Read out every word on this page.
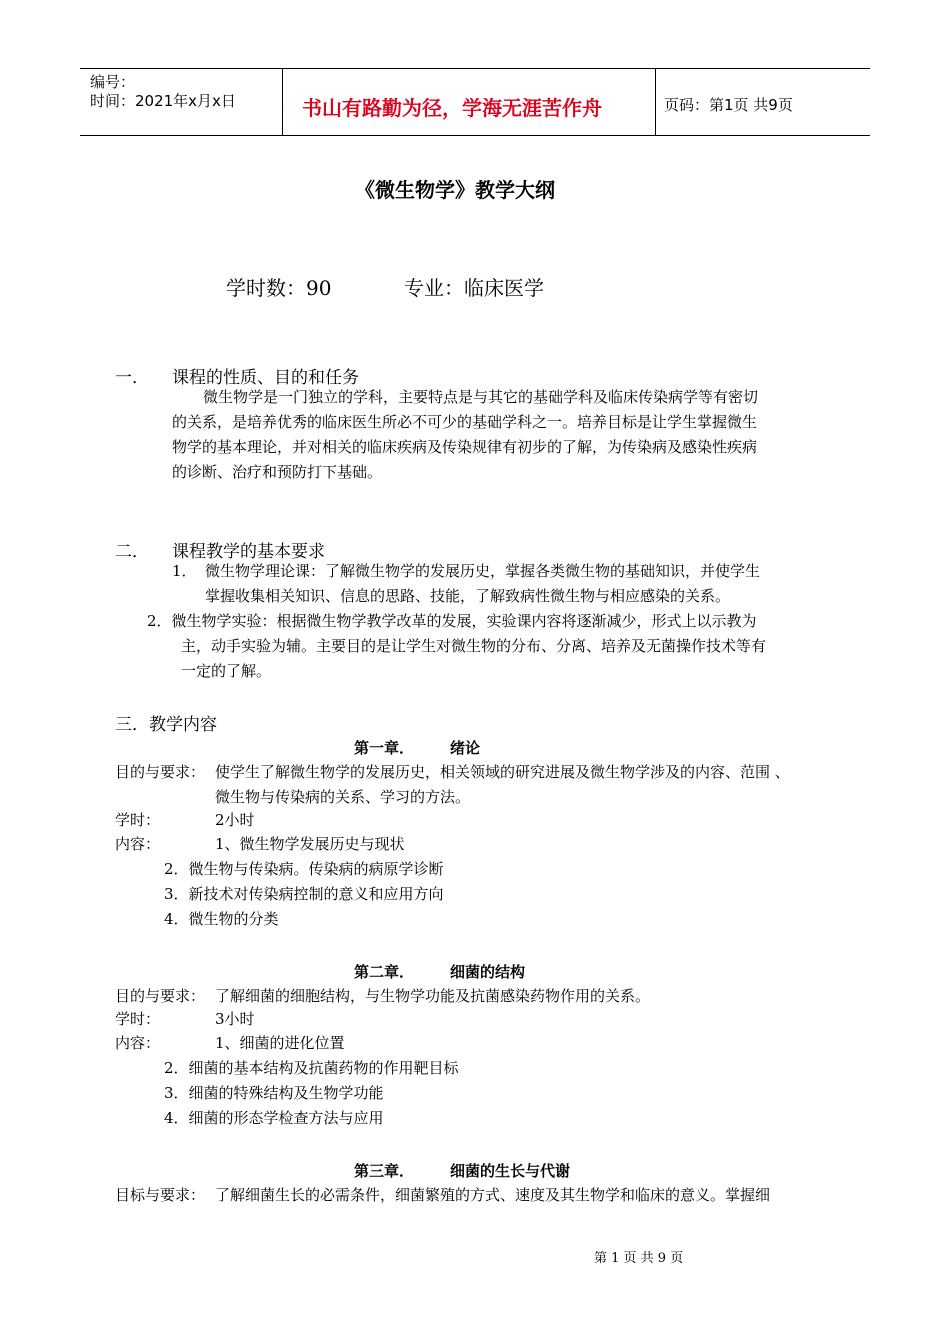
编号：
时间：2021年x月x日	书山有路勤为径，学海无涯苦作舟	页码：第1页 共9页
《微生物学》教学大纲
学时数：90	专业：临床医学
一． 课程的性质、目的和任务
微生物学是一门独立的学科，主要特点是与其它的基础学科及临床传染病学等有密切
的关系，是培养优秀的临床医生所必不可少的基础学科之一。培养目标是让学生掌握微生
物学的基本理论，并对相关的临床疾病及传染规律有初步的了解，为传染病及感染性疾病
的诊断、治疗和预防打下基础。
二． 课程教学的基本要求
1． 微生物学理论课：了解微生物学的发展历史，掌握各类微生物的基础知识，并使学生
掌握收集相关知识、信息的思路、技能，了解致病性微生物与相应感染的关系。
2．微生物学实验：根据微生物学教学改革的发展，实验课内容将逐渐减少，形式上以示教为
主，动手实验为辅。主要目的是让学生对微生物的分布、分离、培养及无菌操作技术等有
一定的了解。
三．教学内容
第一章． 绪论
目的与要求： 使学生了解微生物学的发展历史，相关领域的研究进展及微生物学涉及的内容、范围 、
微生物与传染病的关系、学习的方法。
学时：	2小时
内容：	1、微生物学发展历史与现状
2．微生物与传染病。传染病的病原学诊断
3．新技术对传染病控制的意义和应用方向
4．微生物的分类
第二章． 细菌的结构
目的与要求： 了解细菌的细胞结构，与生物学功能及抗菌感染药物作用的关系。
学时：	3小时
内容：	1、细菌的进化位置
2．细菌的基本结构及抗菌药物的作用靶目标
3．细菌的特殊结构及生物学功能
4．细菌的形态学检查方法与应用
第三章． 细菌的生长与代谢
目标与要求： 了解细菌生长的必需条件，细菌繁殖的方式、速度及其生物学和临床的意义。掌握细
第 1 页 共 9 页
